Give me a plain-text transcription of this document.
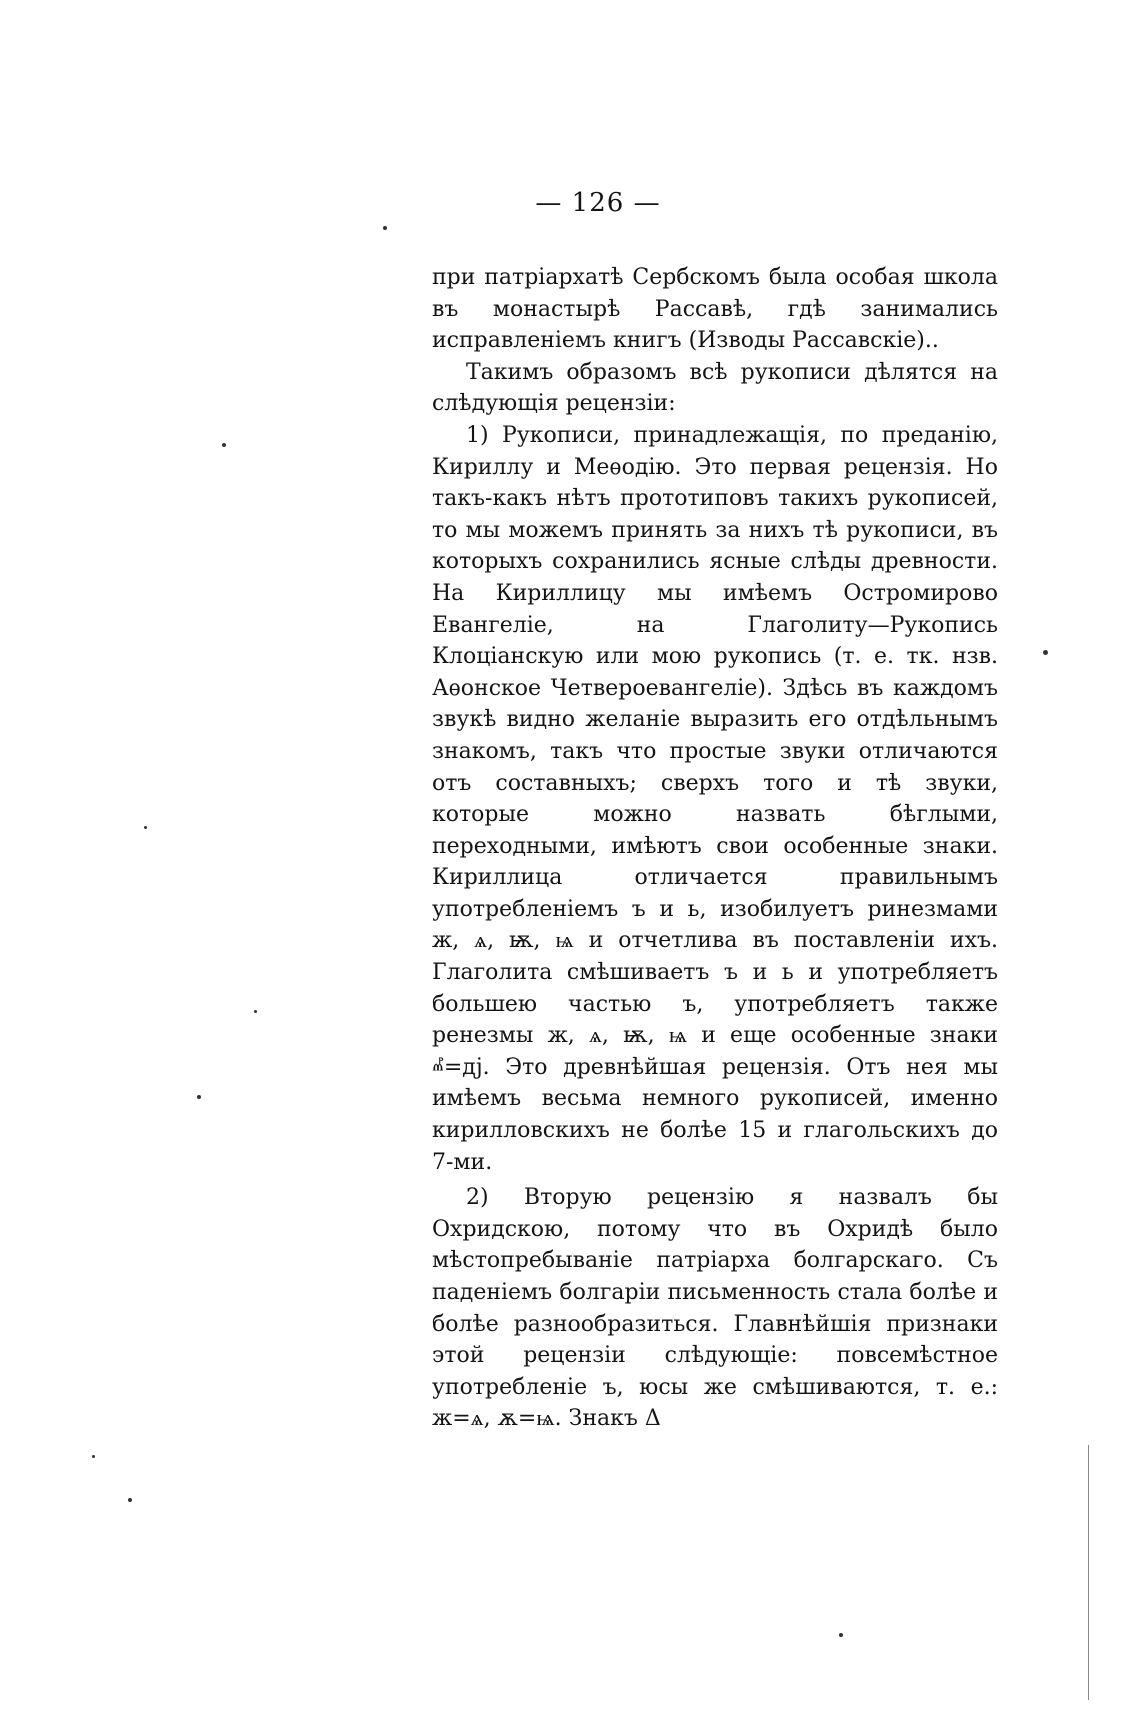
— 126 —

при патріархатѣ Сербскомъ была особая школа въ монастырѣ Рассавѣ, гдѣ занимались исправленіемъ книгъ (Изводы Рассавскіе)..

Такимъ образомъ всѣ рукописи дѣлятся на слѣдующія рецензіи:

1) Рукописи, принадлежащія, по преданію, Кириллу и Меѳодію. Это первая рецензія. Но такъ-какъ нѣтъ прототиповъ такихъ рукописей, то мы можемъ принять за нихъ тѣ рукописи, въ которыхъ сохранились ясные слѣды древности. На Кириллицу мы имѣемъ Остромирово Евангеліе, на Глаголиту—Рукопись Клоціанскую или мою рукопись (т. е. тк. нзв. Аѳонское Четвероевангеліе). Здѣсь въ каждомъ звукѣ видно желаніе выразить его отдѣльнымъ знакомъ, такъ что простые звуки отличаются отъ составныхъ; сверхъ того и тѣ звуки, которые можно назвать бѣглыми, переходными, имѣютъ свои особенные знаки. Кириллица отличается правильнымъ употребленіемъ ъ и ь, изобилуетъ ринезмами ж, ѧ, ѭ, ѩ и отчетлива въ поставленіи ихъ. Глаголита смѣшиваетъ ъ и ь и употребляетъ большею частью ъ, употребляетъ также ренезмы ж, ѧ, ѭ, ѩ и еще особенные знаки ⰼ=дј. Это древнѣйшая рецензія. Отъ нея мы имѣемъ весьма немного рукописей, именно кирилловскихъ не болѣе 15 и глагольскихъ до 7-ми.

2) Вторую рецензію я назвалъ бы Охридскою, потому что въ Охридѣ было мѣстопребываніе патріарха болгарскаго. Съ паденіемъ болгаріи письменность стала болѣе и болѣе разнообразиться. Главнѣйшія признаки этой рецензіи слѣдующіе: повсемѣстное употребленіе ъ, юсы же смѣшиваются, т. е.: ж=ѧ, ѫ=ѩ. Знакъ Δ
